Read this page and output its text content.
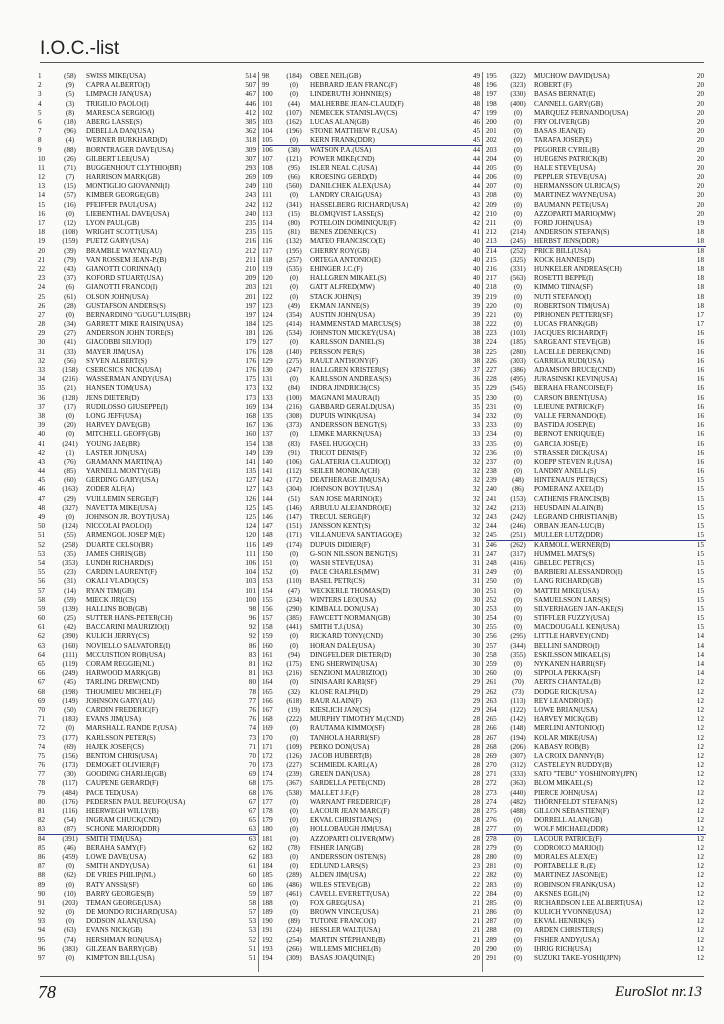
I.O.C.-list
1	(58)	SWISS MIKE(USA)	514
2	(9)	CAPRA ALBERTO(I)	507
3	(5)	LIMPACH JAN(USA)	467
4	(3)	TRIGILIO PAOLO(I)	446
5	(8)	MARESCA SERGIO(I)	412
6	(18)	ABERG LASSE(S)	385
7	(96)	DEBELLA DAN(USA)	362
8	(4)	WERNER BURKHARD(D)	318
9	(88)	BORNTRAGER DAVE(USA)	309
10	(26)	GILBERT LEE(USA)	307
11	(71)	BUGGENHOUT CLYTHIO(BR)	293
12	(7)	HARRISON MARK(GB)	269
13	(15)	MONTIGLIO GIOVANNI(I)	249
14	(57)	KIMBER GEORGE(GB)	243
15	(16)	PFEIFFER PAUL(USA)	242
16	(0)	LIEBENTHAL DAVE(USA)	240
17	(12)	LYON PAUL(GB)	235
18	(108)	WRIGHT SCOTT(USA)	235
19	(159)	PUETZ GARY(USA)	216
20	(39)	BRAMBLE WAYNE(AU)	212
21	(79)	VAN ROSSEM JEAN-P.(B)	211
22	(43)	GIANOTTI CORINNA(I)	210
23	(37)	KOFORD STUART(USA)	209
24	(6)	GIANOTTI FRANCO(I)	203
25	(61)	OLSON JOHN(USA)	201
26	(28)	GUSTAFSON ANDERS(S)	197
27	(0)	BERNARDINO "GUGU"LUIS(BR)	197
28	(34)	GARRETT MIKE RAISIN(USA)	184
29	(27)	ANDERSON JOHN TORE(S)	181
30	(41)	GIACOBBI SILVIO(I)	179
31	(33)	MAYER JIM(USA)	176
32	(56)	SYVEN ALBERT(S)	176
33	(158)	CSERCSICS NICK(USA)	176
34	(216)	WASSERMAN ANDY(USA)	175
35	(21)	HANSEN TOM(USA)	173
36	(128)	JENS DIETER(D)	173
37	(17)	RUDILOSSO GIUSEPPE(I)	169
38	(0)	LONG JEFF(USA)	168
39	(20)	HARVEY DAVE(GB)	167
40	(0)	MITCHELL GEOFF(GB)	160
41	(241)	YOUNG JAE(BR)	154
42	(1)	LASTER JON(USA)	149
43	(76)	GRAMANN MARTIN(A)	141
44	(85)	YARNELL MONTY(GB)	135
45	(60)	GERDING GARY(USA)	127
46	(163)	ZODER ALF(A)	127
47	(29)	VUILLEMIN SERGE(F)	126
48	(327)	NAVETTA MIKE(USA)	125
49	(0)	JOHNSON JR. BOYT(USA)	125
50	(124)	NICCOLAI PAOLO(I)	124
51	(55)	ARMENGOL JOSEP M(E)	120
52	(258)	DUARTE CELSO(BR)	116
53	(35)	JAMES CHRIS(GB)	111
54	(353)	LUNDH RICHARD(S)	106
55	(23)	CARDIN LAURENT(F)	104
56	(31)	OKALI VLADO(CS)	103
57	(14)	RYAN TIM(GB)	101
58	(59)	MIECK JIRI(CS)	100
59	(139)	HALLINS BOB(GB)	98
60	(25)	SUTTER HANS-PETER(CH)	96
61	(42)	BACCARINI MAURIZIO(I)	92
62	(390)	KULICH JERRY(CS)	92
63	(160)	NOVIELLO SALVATORE(I)	86
64	(111)	MCCUISTION ROB(USA)	83
65	(119)	CORAM REGGIE(NL)	81
66	(249)	HARWOOD MARK(GB)	81
67	(45)	TARLING DREW(CND)	80
68	(198)	THOUMIEU MICHEL(F)	78
69	(149)	JOHNSON GARY(AU)	77
70	(50)	CARDIN FREDERIC(F)	76
71	(183)	EVANS JIM(USA)	76
72	(0)	MARSHALL RANDE P.(USA)	74
73	(177)	KARLSSON PETER(S)	73
74	(69)	HAJEK JOSEF(CS)	71
75	(156)	BENTOM CHRIS(USA)	70
76	(173)	DEMOGET OLIVIER(F)	70
77	(30)	GOODING CHARLIE(GB)	69
78	(117)	CAUPENE GERARD(F)	68
79	(484)	PACE TED(USA)	68
80	(176)	PEDERSEN PAUL BEUFO(USA)	67
81	(116)	HEERWEGH WILLY(B)	67
82	(54)	INGRAM CHUCK(CND)	65
83	(87)	SCHONE MARIO(DDR)	63
84	(391)	SMITH TIM(USA)	63
85	(46)	BERAHA SAMY(F)	62
86	(459)	LOWE DAVE(USA)	62
87	(0)	SMITH ANDY(USA)	61
88	(62)	DE VRIES PHILIP(NL)	60
89	(0)	RATY ANSSI(SF)	60
90	(10)	BARRY GEORGES(B)	59
91	(203)	TEMAN GEORGE(USA)	58
92	(0)	DE MONDO RICHARD(USA)	57
93	(0)	DODSON ALAN(USA)	53
94	(63)	EVANS NICK(GB)	53
95	(74)	HERSHMAN RON(USA)	52
96	(383)	GILZEAN BARRY(GB)	51
97	(0)	KIMPTON BILL(USA)	51
98	(184)	OBEE NEIL(GB)	49
99	(0)	HEBRARD JEAN FRANC(F)	48
100	(0)	LINDERUTH JOHNNIE(S)	48
101	(44)	MALHERBE JEAN-CLAUD(F)	48
102	(107)	NEMECEK STANISLAV(CS)	47
103	(162)	LUCAS ALAN(GB)	46
104	(196)	STONE MATTHEW R.(USA)	45
105	(0)	KERN FRANK(DDR)	45
106	(38)	WATSON P.A.(USA)	44
107	(121)	POWER MIKE(CND)	44
108	(95)	ISLER NEAL C.(USA)	44
109	(66)	KROESING GERD(D)	44
110	(560)	DANILCHEK ALEX(USA)	44
111	(0)	LANDRY CRAIG(USA)	43
112	(341)	HASSELBERG RICHARD(USA)	42
113	(15)	BLOMQVIST LASSE(S)	42
114	(80)	POTELOIN DOMINIQUE(F)	42
115	(81)	BENES ZDENEK(CS)	41
116	(132)	MATEO FRANCISCO(E)	40
117	(195)	CHERRY ROY(GB)	40
118	(257)	ORTEGA ANTONIO(E)	40
119	(535)	EHINGER J.C.(F)	40
120	(0)	HALLGREN MIKAEL(S)	40
121	(0)	GATT ALFRED(MW)	40
122	(0)	STACK JOHN(S)	39
123	(49)	EKMAN JANNE(S)	39
124	(354)	AUSTIN JOHN(USA)	39
125	(414)	HAMMENSTAD MARCUS(S)	38
126	(534)	JOHNSTON MICKEY(USA)	38
127	(0)	KARLSSON DANIEL(S)	38
128	(140)	PERSSON PER(S)	38
129	(275)	RAULT ANTHONY(F)	38
130	(247)	HALLGREN KRISTER(S)	37
131	(0)	KARLSSON ANDREAS(S)	36
132	(84)	INDRA JINDRICH(CS)	35
133	(100)	MAGNANI MAURA(I)	35
134	(216)	GABBARD GERALD(USA)	35
135	(308)	DUPUIS WINK(USA)	34
136	(373)	ANDERSSON BENGT(S)	33
137	(0)	LEMKE MARKN(USA)	33
138	(83)	FASEL HUGO(CH)	33
139	(91)	TRICOT DENIS(F)	32
140	(106)	GALATERIA CLAUDIO(I)	32
141	(112)	SEILER MONIKA(CH)	32
142	(172)	DEATHERAGE JIM(USA)	32
143	(304)	JOHNSON BOYT(USA)	32
144	(51)	SAN JOSE MARINO(E)	32
145	(146)	ARBULU ALEJANDRO(E)	32
146	(147)	TRECUL SERGE(F)	32
147	(151)	JANSSON KENT(S)	32
148	(171)	VILLANUEVA SANTIAGO(E)	32
149	(174)	DUPUIS DIDIER(F)	31
150	(0)	G-SON NILSSON BENGT(S)	31
151	(0)	WASH STEVE(USA)	31
152	(0)	PACE CHARLES(MW)	31
153	(110)	BASEL PETR(CS)	31
154	(47)	WECKERLE THOMAS(D)	30
155	(234)	WINTERS LEO(USA)	30
156	(290)	KIMBALL DON(USA)	30
157	(385)	FAWCETT NORMAN(GB)	30
158	(441)	SMITH T.J.(USA)	30
159	(0)	RICKARD TONY(CND)	30
160	(0)	HORAN DALE(USA)	30
161	(94)	DINGFELDER DIETER(D)	30
162	(175)	ENG SHERWIN(USA)	30
163	(216)	SENZIONI MAURIZIO(I)	30
164	(0)	SINISAARI KARI(SF)	29
165	(32)	KLOSE RALPH(D)	29
166	(618)	BAUR ALAIN(F)	29
167	(19)	KIESLICH JAN(CS)	29
168	(222)	MURPHY TIMOTHY M.(CND)	28
169	(0)	RAUTAMA KIMMO(SF)	28
170	(0)	TANHOLA HARRI(SF)	28
171	(109)	PERKO DON(USA)	28
172	(126)	JACOB HUBERT(B)	28
173	(227)	SCHMIEDL KARL(A)	28
174	(239)	GREEN DAN(USA)	28
175	(367)	SARDELLA PETE(CND)	28
176	(538)	MALLET J.F.(F)	28
177	(0)	WARNANT FREDERIC(F)	28
178	(0)	LACOUR JEAN MARC(F)	28
179	(0)	EKVAL CHRISTIAN(S)	28
180	(0)	HOLLOBAUGH JIM(USA)	28
181	(0)	AZZOPARTI OLIVER(MW)	28
182	(78)	FISHER IAN(GB)	28
183	(0)	ANDERSSON OSTEN(S)	28
184	(0)	EDLUND LARS(S)	23
185	(289)	ALDEN JIM(USA)	22
186	(486)	WILES STEVE(GB)	22
187	(461)	CAVELL EVERETT(USA)	22
188	(0)	FOX GREG(USA)	21
189	(0)	BROWN VINCE(USA)	21
190	(89)	TUTONE FRANCO(I)	21
191	(224)	HESSLER WALT(USA)	21
192	(254)	MARTIN STÉPHANE(B)	21
193	(266)	WILLEMS MICHEL(B)	20
194	(309)	BASAS JOAQUIN(E)	20
195	(322)	MUCHOW DAVID(USA)	20
196	(323)	ROBERT (F)	20
197	(330)	BASAS BERNAT(E)	20
198	(400)	CANNELL GARY(GB)	20
199	(0)	MARQUEZ FERNANDO(USA)	20
200	(0)	FRY OLIVER(GB)	20
201	(0)	BASAS JEAN(E)	20
202	(0)	TARAFA JOSEP(E)	20
203	(0)	PEGORER CYRIL(B)	20
204	(0)	HUEGENS PATRICK(B)	20
205	(0)	HALE STEVE(USA)	20
206	(0)	PEPPLER STEVE(USA)	20
207	(0)	HERMANSSON ULRICA(S)	20
208	(0)	MARTINEZ WAYNE(USA)	20
209	(0)	BAUMANN PETE(USA)	20
210	(0)	AZZOPARTI MARIO(MW)	20
211	(0)	FORD JOHN(USA)	19
212	(214)	ANDERSON STEFAN(S)	18
213	(245)	HERBST JENS(DDR)	18
214	(252)	PRICE BILL(USA)	18
215	(325)	KOCK HANNES(D)	18
216	(331)	HUNKELER ANDREAS(CH)	18
217	(563)	ROSETTI BEPPE(I)	18
218	(0)	KIMMO TIINA(SF)	18
219	(0)	NUTI STEFANO(I)	18
220	(0)	ROBERTSON TIM(USA)	18
221	(0)	PIRHONEN PETTERI(SF)	17
222	(0)	LUCAS FRANK(GB)	17
223	(103)	JACQUES RICHARD(F)	16
224	(185)	SARGEANT STEVE(GB)	16
225	(280)	LACELLE DEREK(CND)	16
226	(303)	GARRIGA RUDI(USA)	16
227	(386)	ADAMSON BRUCE(CND)	16
228	(495)	JURASINSKI KEVIN(USA)	16
229	(545)	BERAHA FRANCOISE(F)	16
230	(0)	CARSON BRENT(USA)	16
231	(0)	LEJEUNE PATRICK(F)	16
232	(0)	VALLE FERNANDO(E)	16
233	(0)	BASTIDA JOSEP(E)	16
234	(0)	BERNOT ENRIQUE(E)	16
235	(0)	GARCIA JOSE(E)	16
236	(0)	STRASSER DICK(USA)	16
237	(0)	KOEPP STEVEN R.(USA)	16
238	(0)	LANDRY ANELL(S)	16
239	(48)	HINTENAUS PETR(CS)	15
240	(86)	POMERANZ AXEL(D)	15
241	(153)	CATHENIS FRANCIS(B)	15
242	(213)	HEUSDAIN ALAIN(B)	15
243	(242)	LEGRAND CHRISTIAN(B)	15
244	(246)	ORBAN JEAN-LUC(B)	15
245	(251)	MULLER LUTZ(DDR)	15
246	(262)	KARMOLL WERNER(D)	15
247	(317)	HUMMEL MATS(S)	15
248	(416)	GBELEC PETR(CS)	15
249	(0)	BARBIERI ALESSANDRO(I)	15
250	(0)	LANG RICHARD(GB)	15
251	(0)	MATTEI MIKE(USA)	15
252	(0)	SAMUELSSON LARS(S)	15
253	(0)	SILVERHAGEN JAN-AKE(S)	15
254	(0)	STIFFLER FUZZY(USA)	15
255	(0)	MACDOUGALL KEN(USA)	15
256	(295)	LITTLE HARVEY(CND)	14
257	(344)	BELLINI SANDRO(I)	14
258	(355)	ESKILSSON MIKAEL(S)	14
259	(0)	NYKANEN HARRI(SF)	14
260	(0)	SIPPOLA PEKKA(SF)	14
261	(70)	AERTS CHANTAL(B)	12
262	(73)	DODGE RICK(USA)	12
263	(113)	REY LEANDRO(E)	12
264	(122)	LOWE BRIAN(USA)	12
265	(142)	HARVEY MICK(GB)	12
266	(148)	MERLINI ANTONIO(I)	12
267	(194)	KOLAR MIKE(USA)	12
268	(206)	KABASY ROB(B)	12
269	(307)	LA CROIX DANNY(B)	12
270	(312)	CASTELEYN RUDDY(B)	12
271	(333)	SATO "TEBU" YOSHINORY(JPN)	12
272	(363)	BLOM MIKAEL(S)	12
273	(440)	PIERCE JOHN(USA)	12
274	(482)	THÖRNFELDT STEFAN(S)	12
275	(488)	GILLON SÉBASTIEN(F)	12
276	(0)	DORRELL ALAN(GB)	12
277	(0)	WOLF MICHAEL(DDR)	12
278	(0)	LACOUR PATRICE(F)	12
279	(0)	CODROICO MARIO(I)	12
280	(0)	MORALES ALEX(E)	12
281	(0)	PORTABELLE R.(E)	12
282	(0)	MARTINEZ JASONE(E)	12
283	(0)	ROBINSON FRANK(USA)	12
284	(0)	AKSNES EGIL(N)	12
285	(0)	RICHARDSON LEE ALBERT(USA)	12
286	(0)	KULICH YVONNE(USA)	12
287	(0)	EKVAL HENRIK(S)	12
288	(0)	ARDEN CHRISTER(S)	12
289	(0)	FISHER ANDY(USA)	12
290	(0)	IHRIG RICH(USA)	12
291	(0)	SUZUKI TAKE-YOSHI(JPN)	12
78	EuroSlot nr.13
